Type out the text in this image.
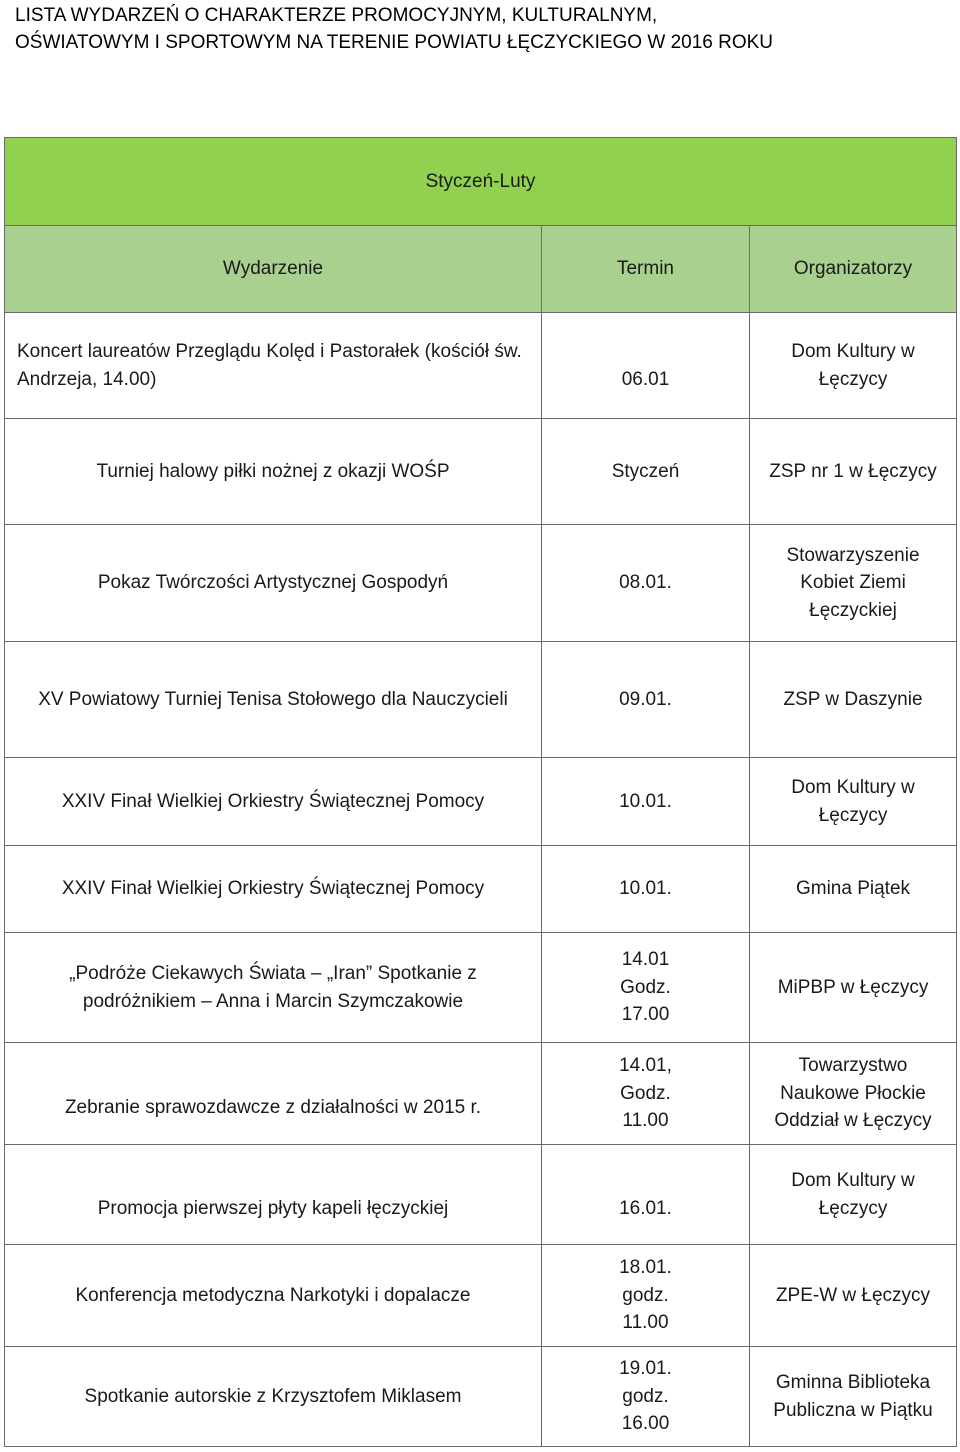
LISTA WYDARZEŃ O CHARAKTERZE PROMOCYJNYM, KULTURALNYM,
OŚWIATOWYM I SPORTOWYM NA TERENIE POWIATU ŁĘCZYCKIEGO W 2016 ROKU
Styczeń-Luty		
Wydarzenie	Termin	Organizatorzy
Koncert laureatów Przeglądu Kolęd i Pastorałek (kościół św. Andrzeja, 14.00)	06.01	Dom Kultury w Łęczycy
Turniej halowy piłki nożnej z okazji WOŚP	Styczeń	ZSP nr 1 w Łęczycy
Pokaz Twórczości Artystycznej Gospodyń	08.01.	Stowarzyszenie Kobiet Ziemi Łęczyckiej
XV Powiatowy Turniej Tenisa Stołowego dla Nauczycieli	09.01.	ZSP w Daszynie
XXIV Finał Wielkiej Orkiestry Świątecznej Pomocy	10.01.	Dom Kultury w Łęczycy
XXIV Finał Wielkiej Orkiestry Świątecznej Pomocy	10.01.	Gmina Piątek
„Podróże Ciekawych Świata – „Iran” Spotkanie z podróżnikiem – Anna i Marcin Szymczakowie	14.01 Godz. 17.00	MiPBP w Łęczycy
Zebranie sprawozdawcze z działalności w 2015 r.	14.01, Godz. 11.00	Towarzystwo Naukowe Płockie Oddział w Łęczycy
Promocja pierwszej płyty kapeli łęczyckiej	16.01.	Dom Kultury w Łęczycy
Konferencja metodyczna Narkotyki i dopalacze	18.01. godz. 11.00	ZPE-W w Łęczycy
Spotkanie autorskie z Krzysztofem Miklasem	19.01. godz. 16.00	Gminna Biblioteka Publiczna w Piątku
